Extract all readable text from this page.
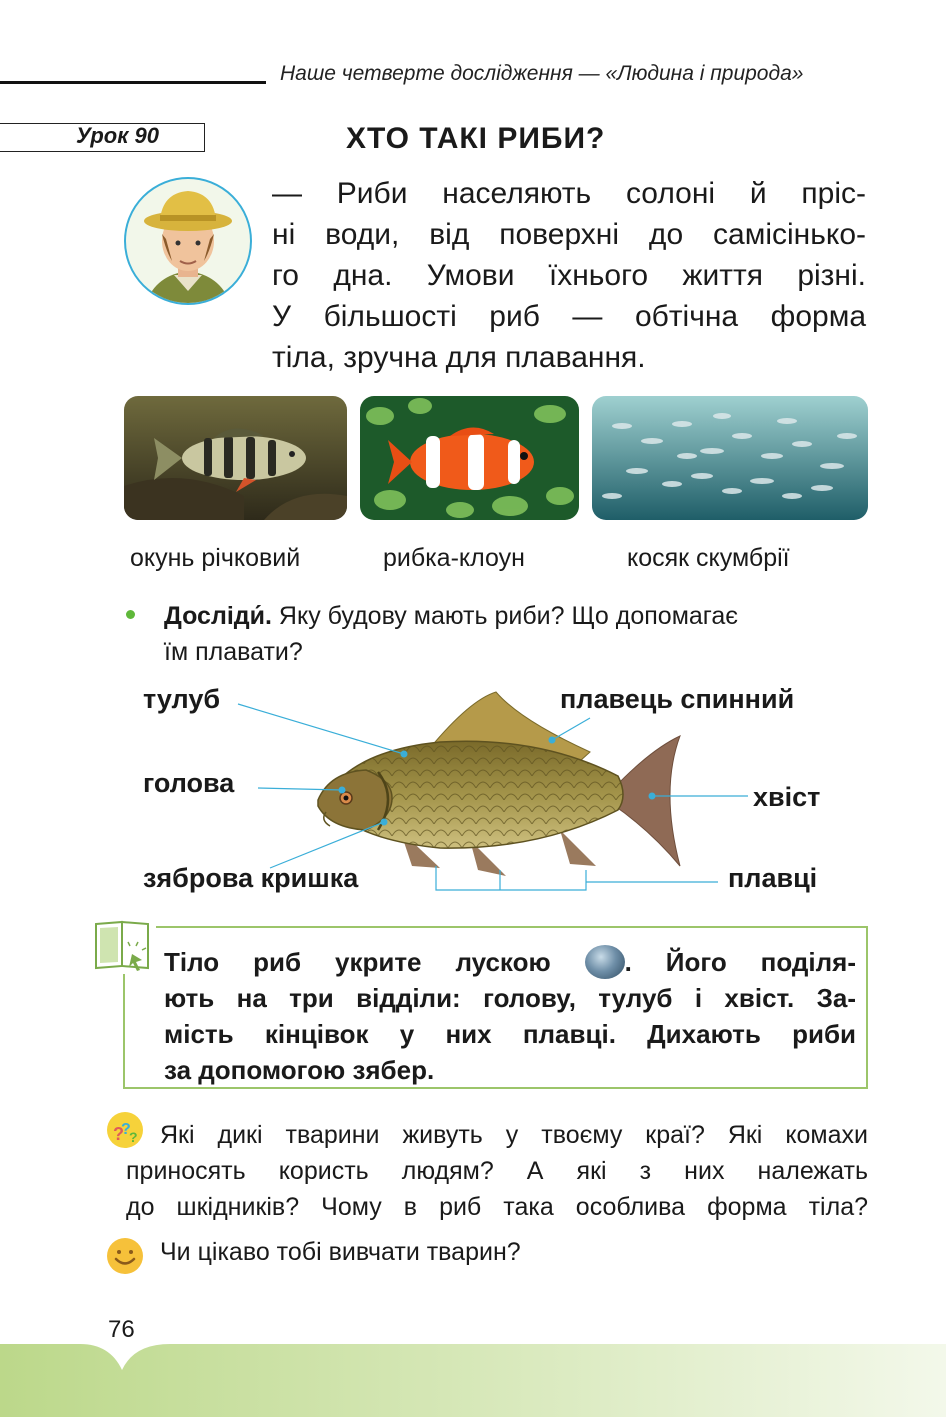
Наше четверте дослідження — «Людина і природа»
Урок 90	ХТО ТАКІ РИБИ?
— Риби населяють солоні й пріс-
ні води, від поверхні до самісінько-
го дна. Умови їхнього життя різні.
У більшості риб — обтічна форма
тіла, зручна для плавання.
окунь річковий	рибка-клоун	косяк скумбрії
Досліди́. Яку будову мають риби? Що допомагає
їм плавати?
тулуб
голова
зяброва кришка
плавець спинний
хвіст
плавці
Тіло риб укрите лускою . Його поділя-
ють на три відділи: голову, тулуб і хвіст. За-
мість кінцівок у них плавці. Дихають риби
за допомогою зябер.
?
?
? Які дикі тварини живуть у твоєму краї? Які комахи
приносять користь людям? А які з них належать
до шкідників? Чому в риб така особлива форма тіла?
Чи цікаво тобі вивчати тварин?
76
